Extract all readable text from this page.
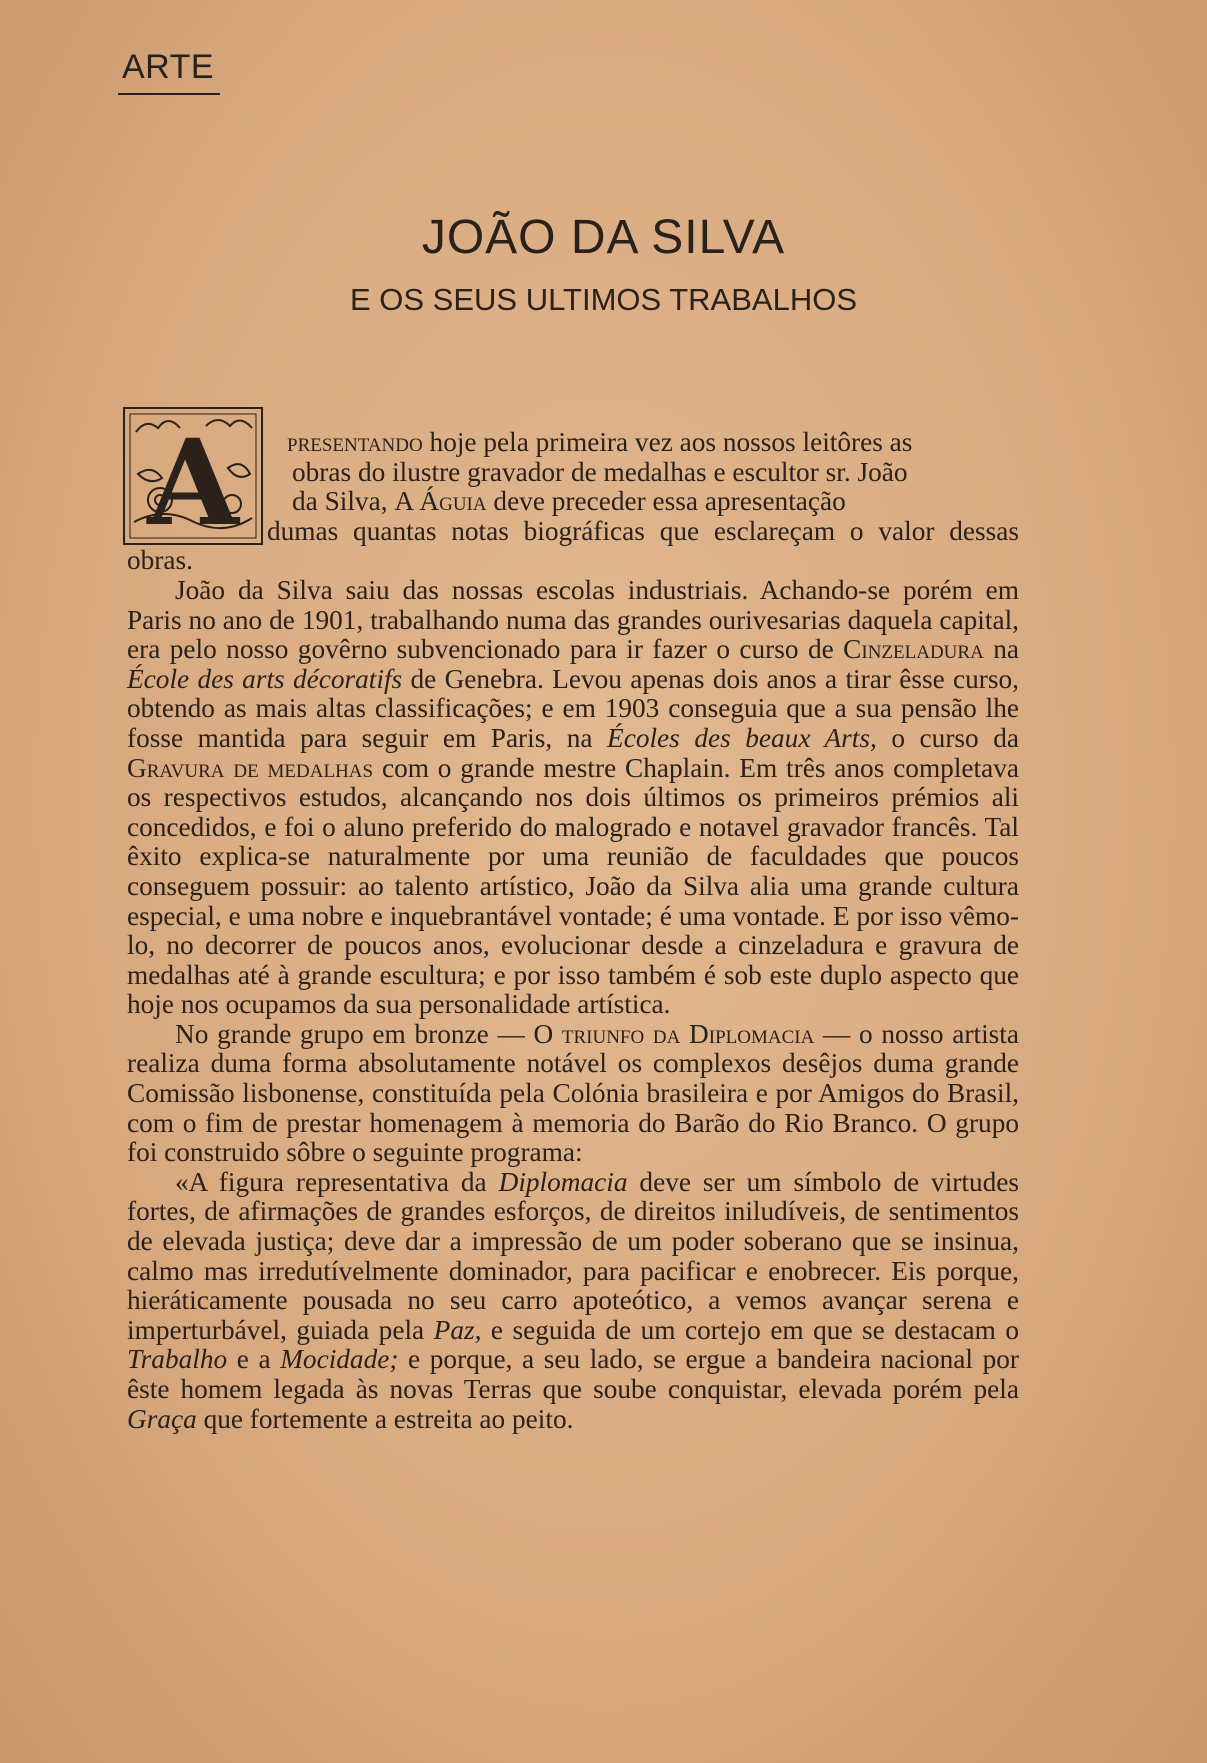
ARTE
JOÃO DA SILVA
E OS SEUS ULTIMOS TRABALHOS
A	presentando hoje pela primeira vez aos nossos leitôres as
obras do ilustre gravador de medalhas e escultor sr. João
da Silva, A Águia deve preceder essa apresentação
dumas quantas notas biográficas que esclareçam o valor dessas obras.

João da Silva saiu das nossas escolas industriais. Achando-se porém em Paris no ano de 1901, trabalhando numa das grandes ourivesarias daquela capital, era pelo nosso govêrno subvencionado para ir fazer o curso de Cinzeladura na École des arts décoratifs de Genebra. Levou apenas dois anos a tirar êsse curso, obtendo as mais altas classificações; e em 1903 conseguia que a sua pensão lhe fosse mantida para seguir em Paris, na Écoles des beaux Arts, o curso da Gravura de medalhas com o grande mestre Chaplain. Em três anos completava os respectivos estudos, alcançando nos dois últimos os primeiros prémios ali concedidos, e foi o aluno preferido do malogrado e notavel gravador francês. Tal êxito explica-se naturalmente por uma reunião de faculdades que poucos conseguem possuir: ao talento artístico, João da Silva alia uma grande cultura especial, e uma nobre e inquebrantável vontade; é uma vontade. E por isso vêmo-lo, no decorrer de poucos anos, evolucionar desde a cinzeladura e gravura de medalhas até à grande escultura; e por isso também é sob este duplo aspecto que hoje nos ocupamos da sua personalidade artística.

No grande grupo em bronze — O triunfo da Diplomacia — o nosso artista realiza duma forma absolutamente notável os complexos desêjos duma grande Comissão lisbonense, constituída pela Colónia brasileira e por Amigos do Brasil, com o fim de prestar homenagem à memoria do Barão do Rio Branco. O grupo foi construido sôbre o seguinte programa:

«A figura representativa da Diplomacia deve ser um símbolo de virtudes fortes, de afirmações de grandes esforços, de direitos iniludíveis, de sentimentos de elevada justiça; deve dar a impressão de um poder soberano que se insinua, calmo mas irredutívelmente dominador, para pacificar e enobrecer. Eis porque, hieráticamente pousada no seu carro apoteótico, a vemos avançar serena e imperturbável, guiada pela Paz, e seguida de um cortejo em que se destacam o Trabalho e a Mocidade; e porque, a seu lado, se ergue a bandeira nacional por êste homem legada às novas Terras que soube conquistar, elevada porém pela Graça que fortemente a estreita ao peito.
